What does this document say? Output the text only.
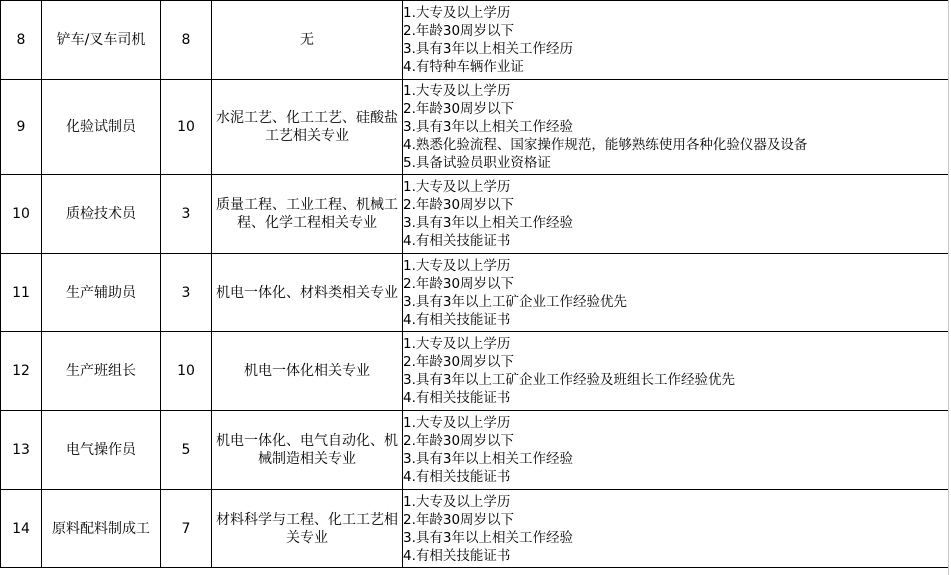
8	铲车/叉车司机	8	无	1.大专及以上学历
2.年龄30周岁以下
3.具有3年以上相关工作经历
4.有特种车辆作业证

9	化验试制员	10	水泥工艺、化工工艺、硅酸盐工艺相关专业	1.大专及以上学历
2.年龄30周岁以下
3.具有3年以上相关工作经验
4.熟悉化验流程、国家操作规范，能够熟练使用各种化验仪器及设备
5.具备试验员职业资格证

10	质检技术员	3	质量工程、工业工程、机械工程、化学工程相关专业	1.大专及以上学历
2.年龄30周岁以下
3.具有3年以上相关工作经验
4.有相关技能证书

11	生产辅助员	3	机电一体化、材料类相关专业	1.大专及以上学历
2.年龄30周岁以下
3.具有3年以上工矿企业工作经验优先
4.有相关技能证书

12	生产班组长	10	机电一体化相关专业	1.大专及以上学历
2.年龄30周岁以下
3.具有3年以上工矿企业工作经验及班组长工作经验优先
4.有相关技能证书

13	电气操作员	5	机电一体化、电气自动化、机械制造相关专业	1.大专及以上学历
2.年龄30周岁以下
3.具有3年以上相关工作经验
4.有相关技能证书

14	原料配料制成工	7	材料科学与工程、化工工艺相关专业	1.大专及以上学历
2.年龄30周岁以下
3.具有3年以上相关工作经验
4.有相关技能证书
